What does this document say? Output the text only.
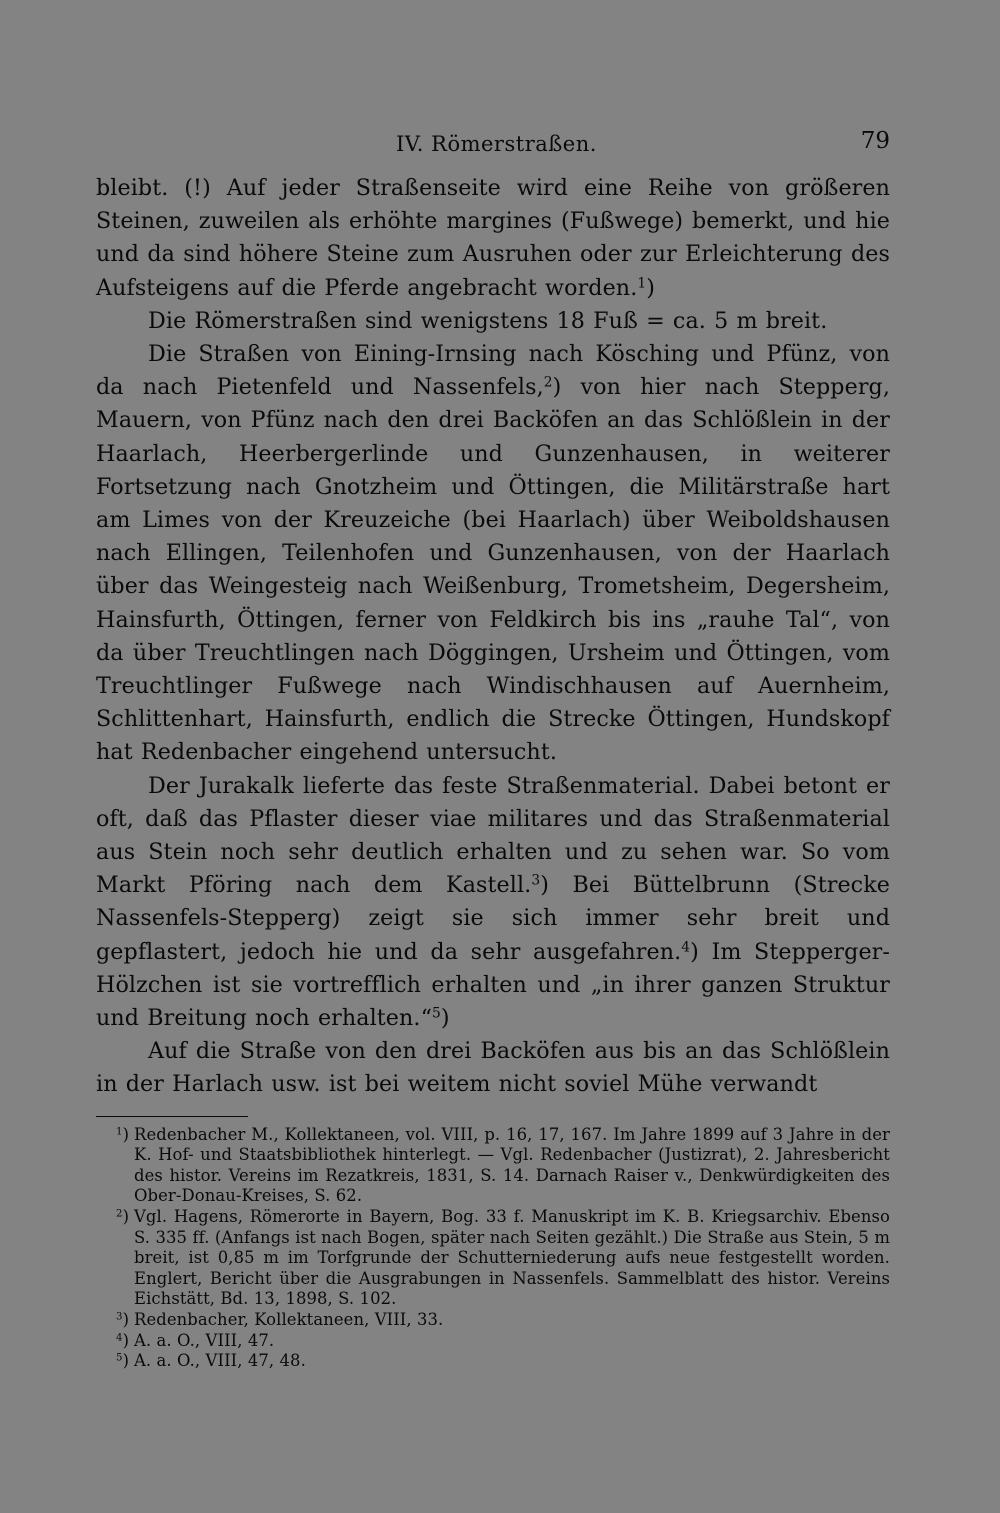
IV. Römerstraßen.	79

bleibt. (!) Auf jeder Straßenseite wird eine Reihe von größeren Steinen, zuweilen als erhöhte margines (Fußwege) bemerkt, und hie und da sind höhere Steine zum Ausruhen oder zur Erleichterung des Aufsteigens auf die Pferde angebracht worden.$^1$)

Die Römerstraßen sind wenigstens 18 Fuß = ca. 5 m breit.

Die Straßen von Eining-Irnsing nach Kösching und Pfünz, von da nach Pietenfeld und Nassenfels,$^2$) von hier nach Stepperg, Mauern, von Pfünz nach den drei Backöfen an das Schlößlein in der Haarlach, Heerbergerlinde und Gunzenhausen, in weiterer Fortsetzung nach Gnotzheim und Öttingen, die Militärstraße hart am Limes von der Kreuzeiche (bei Haarlach) über Weiboldshausen nach Ellingen, Teilenhofen und Gunzenhausen, von der Haarlach über das Weingesteig nach Weißenburg, Trometsheim, Degersheim, Hainsfurth, Öttingen, ferner von Feldkirch bis ins „rauhe Tal“, von da über Treuchtlingen nach Döggingen, Ursheim und Öttingen, vom Treuchtlinger Fußwege nach Windischhausen auf Auernheim, Schlittenhart, Hainsfurth, endlich die Strecke Öttingen, Hundskopf hat Redenbacher eingehend untersucht.

Der Jurakalk lieferte das feste Straßenmaterial. Dabei betont er oft, daß das Pflaster dieser viae militares und das Straßenmaterial aus Stein noch sehr deutlich erhalten und zu sehen war. So vom Markt Pföring nach dem Kastell.$^3$) Bei Büttelbrunn (Strecke Nassenfels-Stepperg) zeigt sie sich immer sehr breit und gepflastert, jedoch hie und da sehr ausgefahren.$^4$) Im Stepperger-Hölzchen ist sie vortrefflich erhalten und „in ihrer ganzen Struktur und Breitung noch erhalten.“$^5$)

Auf die Straße von den drei Backöfen aus bis an das Schlößlein in der Harlach usw. ist bei weitem nicht soviel Mühe verwandt

$^1$) Redenbacher M., Kollektaneen, vol. VIII, p. 16, 17, 167. Im Jahre 1899 auf 3 Jahre in der K. Hof- und Staatsbibliothek hinterlegt. — Vgl. Redenbacher (Justizrat), 2. Jahresbericht des histor. Vereins im Rezatkreis, 1831, S. 14. Darnach Raiser v., Denkwürdigkeiten des Ober-Donau-Kreises, S. 62.

$^2$) Vgl. Hagens, Römerorte in Bayern, Bog. 33 f. Manuskript im K. B. Kriegsarchiv. Ebenso S. 335 ff. (Anfangs ist nach Bogen, später nach Seiten gezählt.) Die Straße aus Stein, 5 m breit, ist 0,85 m im Torfgrunde der Schutterniederung aufs neue festgestellt worden. Englert, Bericht über die Ausgrabungen in Nassenfels. Sammelblatt des histor. Vereins Eichstätt, Bd. 13, 1898, S. 102.

$^3$) Redenbacher, Kollektaneen, VIII, 33.

$^4$) A. a. O., VIII, 47.

$^5$) A. a. O., VIII, 47, 48.
